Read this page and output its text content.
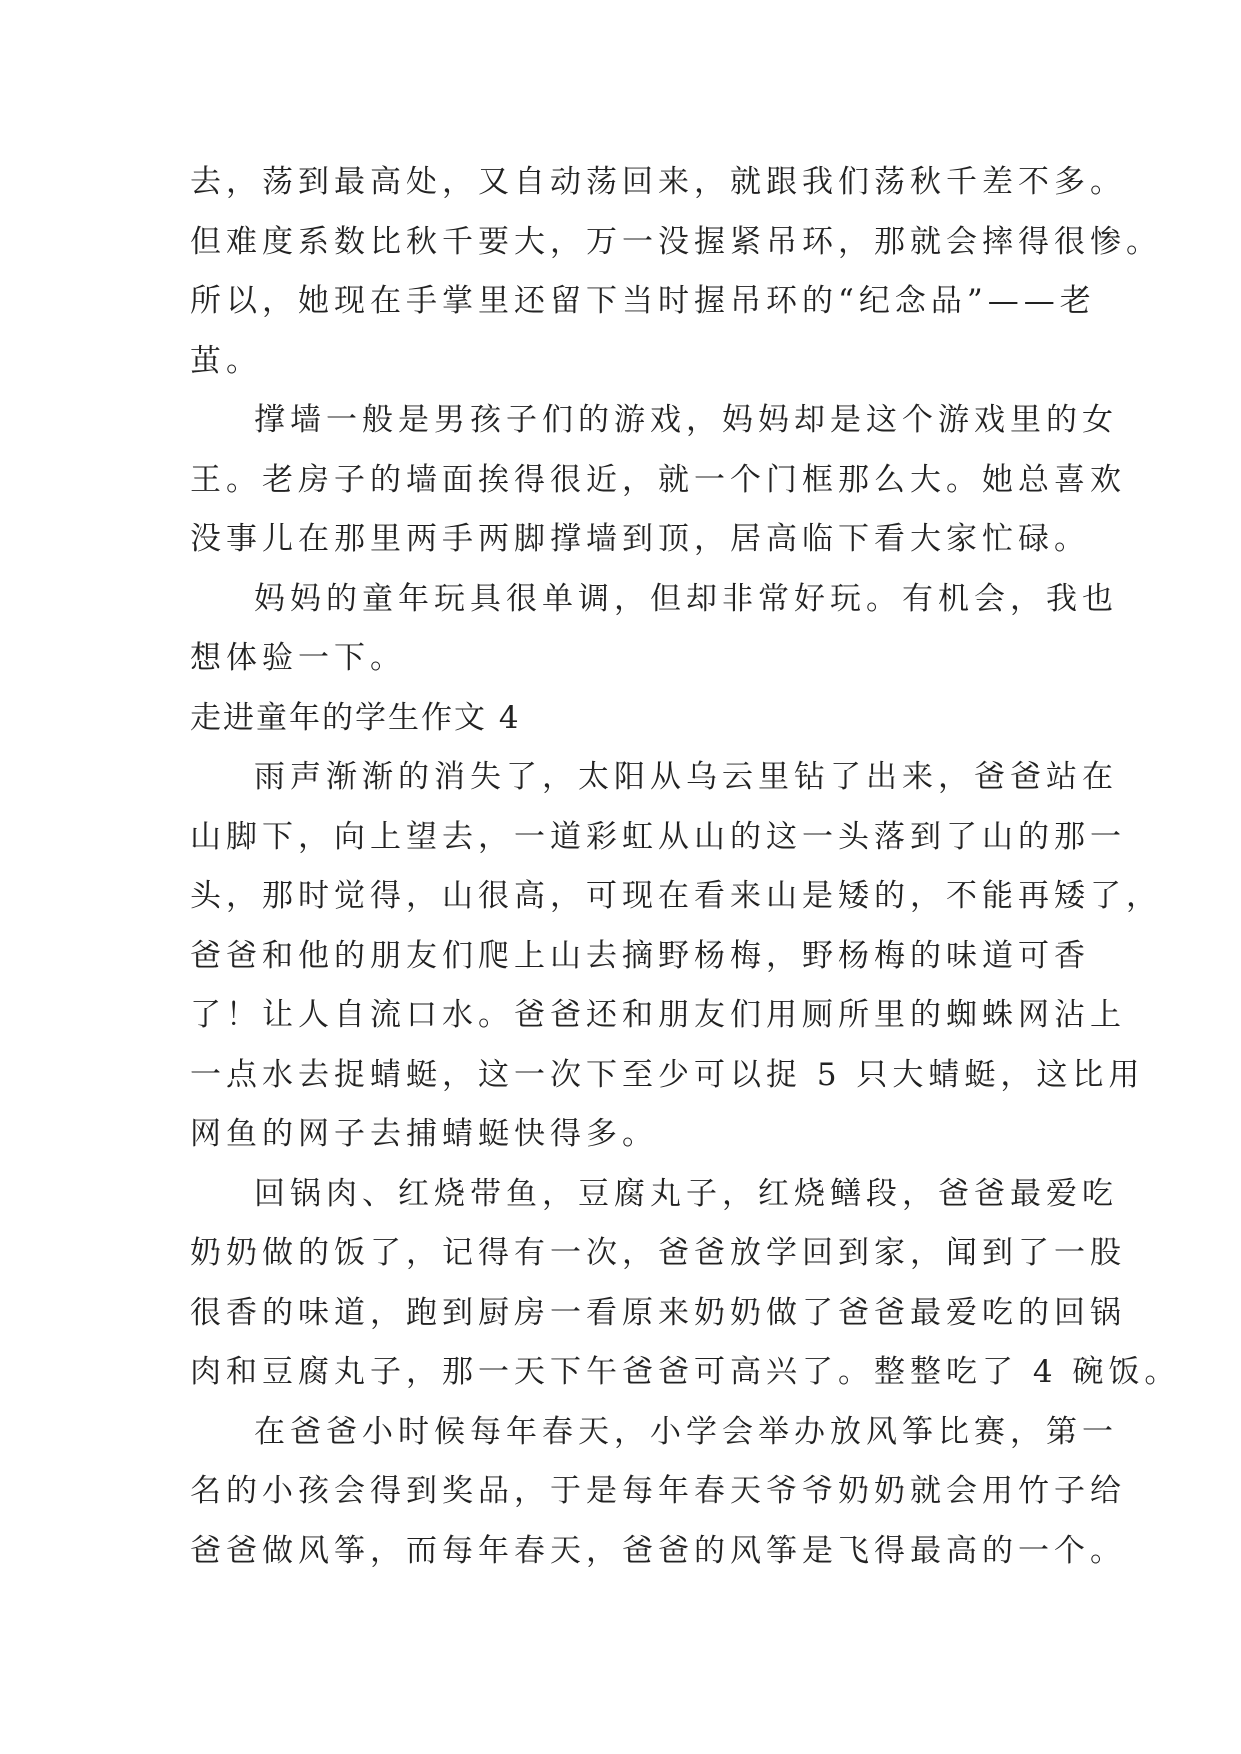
去，荡到最高处，又自动荡回来，就跟我们荡秋千差不多。
但难度系数比秋千要大，万一没握紧吊环，那就会摔得很惨。
所以，她现在手掌里还留下当时握吊环的“纪念品”——老
茧。
撑墙一般是男孩子们的游戏，妈妈却是这个游戏里的女
王。老房子的墙面挨得很近，就一个门框那么大。她总喜欢
没事儿在那里两手两脚撑墙到顶，居高临下看大家忙碌。
妈妈的童年玩具很单调，但却非常好玩。有机会，我也
想体验一下。
走进童年的学生作文 4
雨声渐渐的消失了，太阳从乌云里钻了出来，爸爸站在
山脚下，向上望去，一道彩虹从山的这一头落到了山的那一
头，那时觉得，山很高，可现在看来山是矮的，不能再矮了，
爸爸和他的朋友们爬上山去摘野杨梅，野杨梅的味道可香
了！让人自流口水。爸爸还和朋友们用厕所里的蜘蛛网沾上
一点水去捉蜻蜓，这一次下至少可以捉 5 只大蜻蜓，这比用
网鱼的网子去捕蜻蜓快得多。
回锅肉、红烧带鱼，豆腐丸子，红烧鳝段，爸爸最爱吃
奶奶做的饭了，记得有一次，爸爸放学回到家，闻到了一股
很香的味道，跑到厨房一看原来奶奶做了爸爸最爱吃的回锅
肉和豆腐丸子，那一天下午爸爸可高兴了。整整吃了 4 碗饭。
在爸爸小时候每年春天，小学会举办放风筝比赛，第一
名的小孩会得到奖品，于是每年春天爷爷奶奶就会用竹子给
爸爸做风筝，而每年春天，爸爸的风筝是飞得最高的一个。
